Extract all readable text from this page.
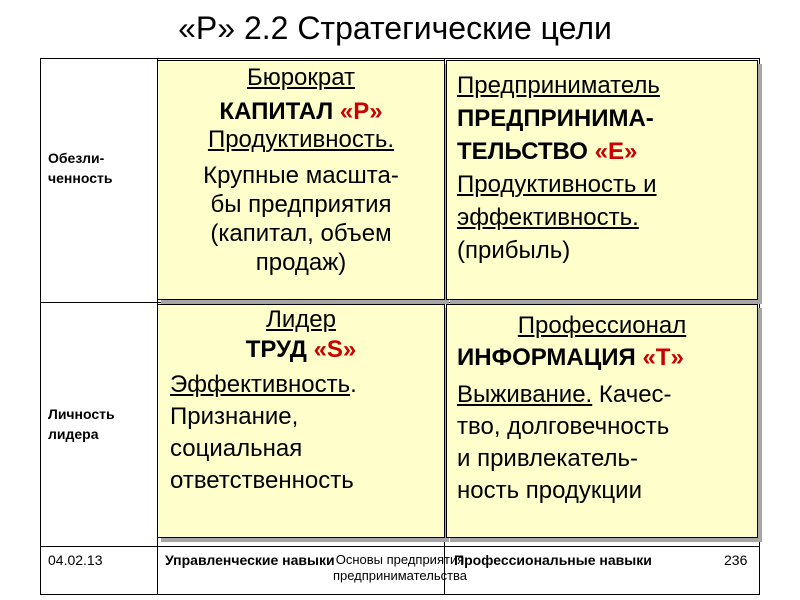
«P» 2.2 Стратегические цели
Обезли-
ченность
Личность
лидера
Бюрократ
КАПИТАЛ «P»
Продуктивность.
Крупные масшта-
бы предприятия
(капитал, объем
продаж)
Предприниматель
ПРЕДПРИНИМА-
ТЕЛЬСТВО «E»
Продуктивность и
эффективность.
(прибыль)
Лидер
ТРУД «S»
Эффективность.
Признание,
социальная
ответственность
Профессионал
ИНФОРМАЦИЯ «T»
Выживание. Качес-
тво, долговечность
и привлекатель-
ность продукции
04.02.13	Управленческие навыки Основы предприятия
предпринимательства
Профессиональные навыки	236
